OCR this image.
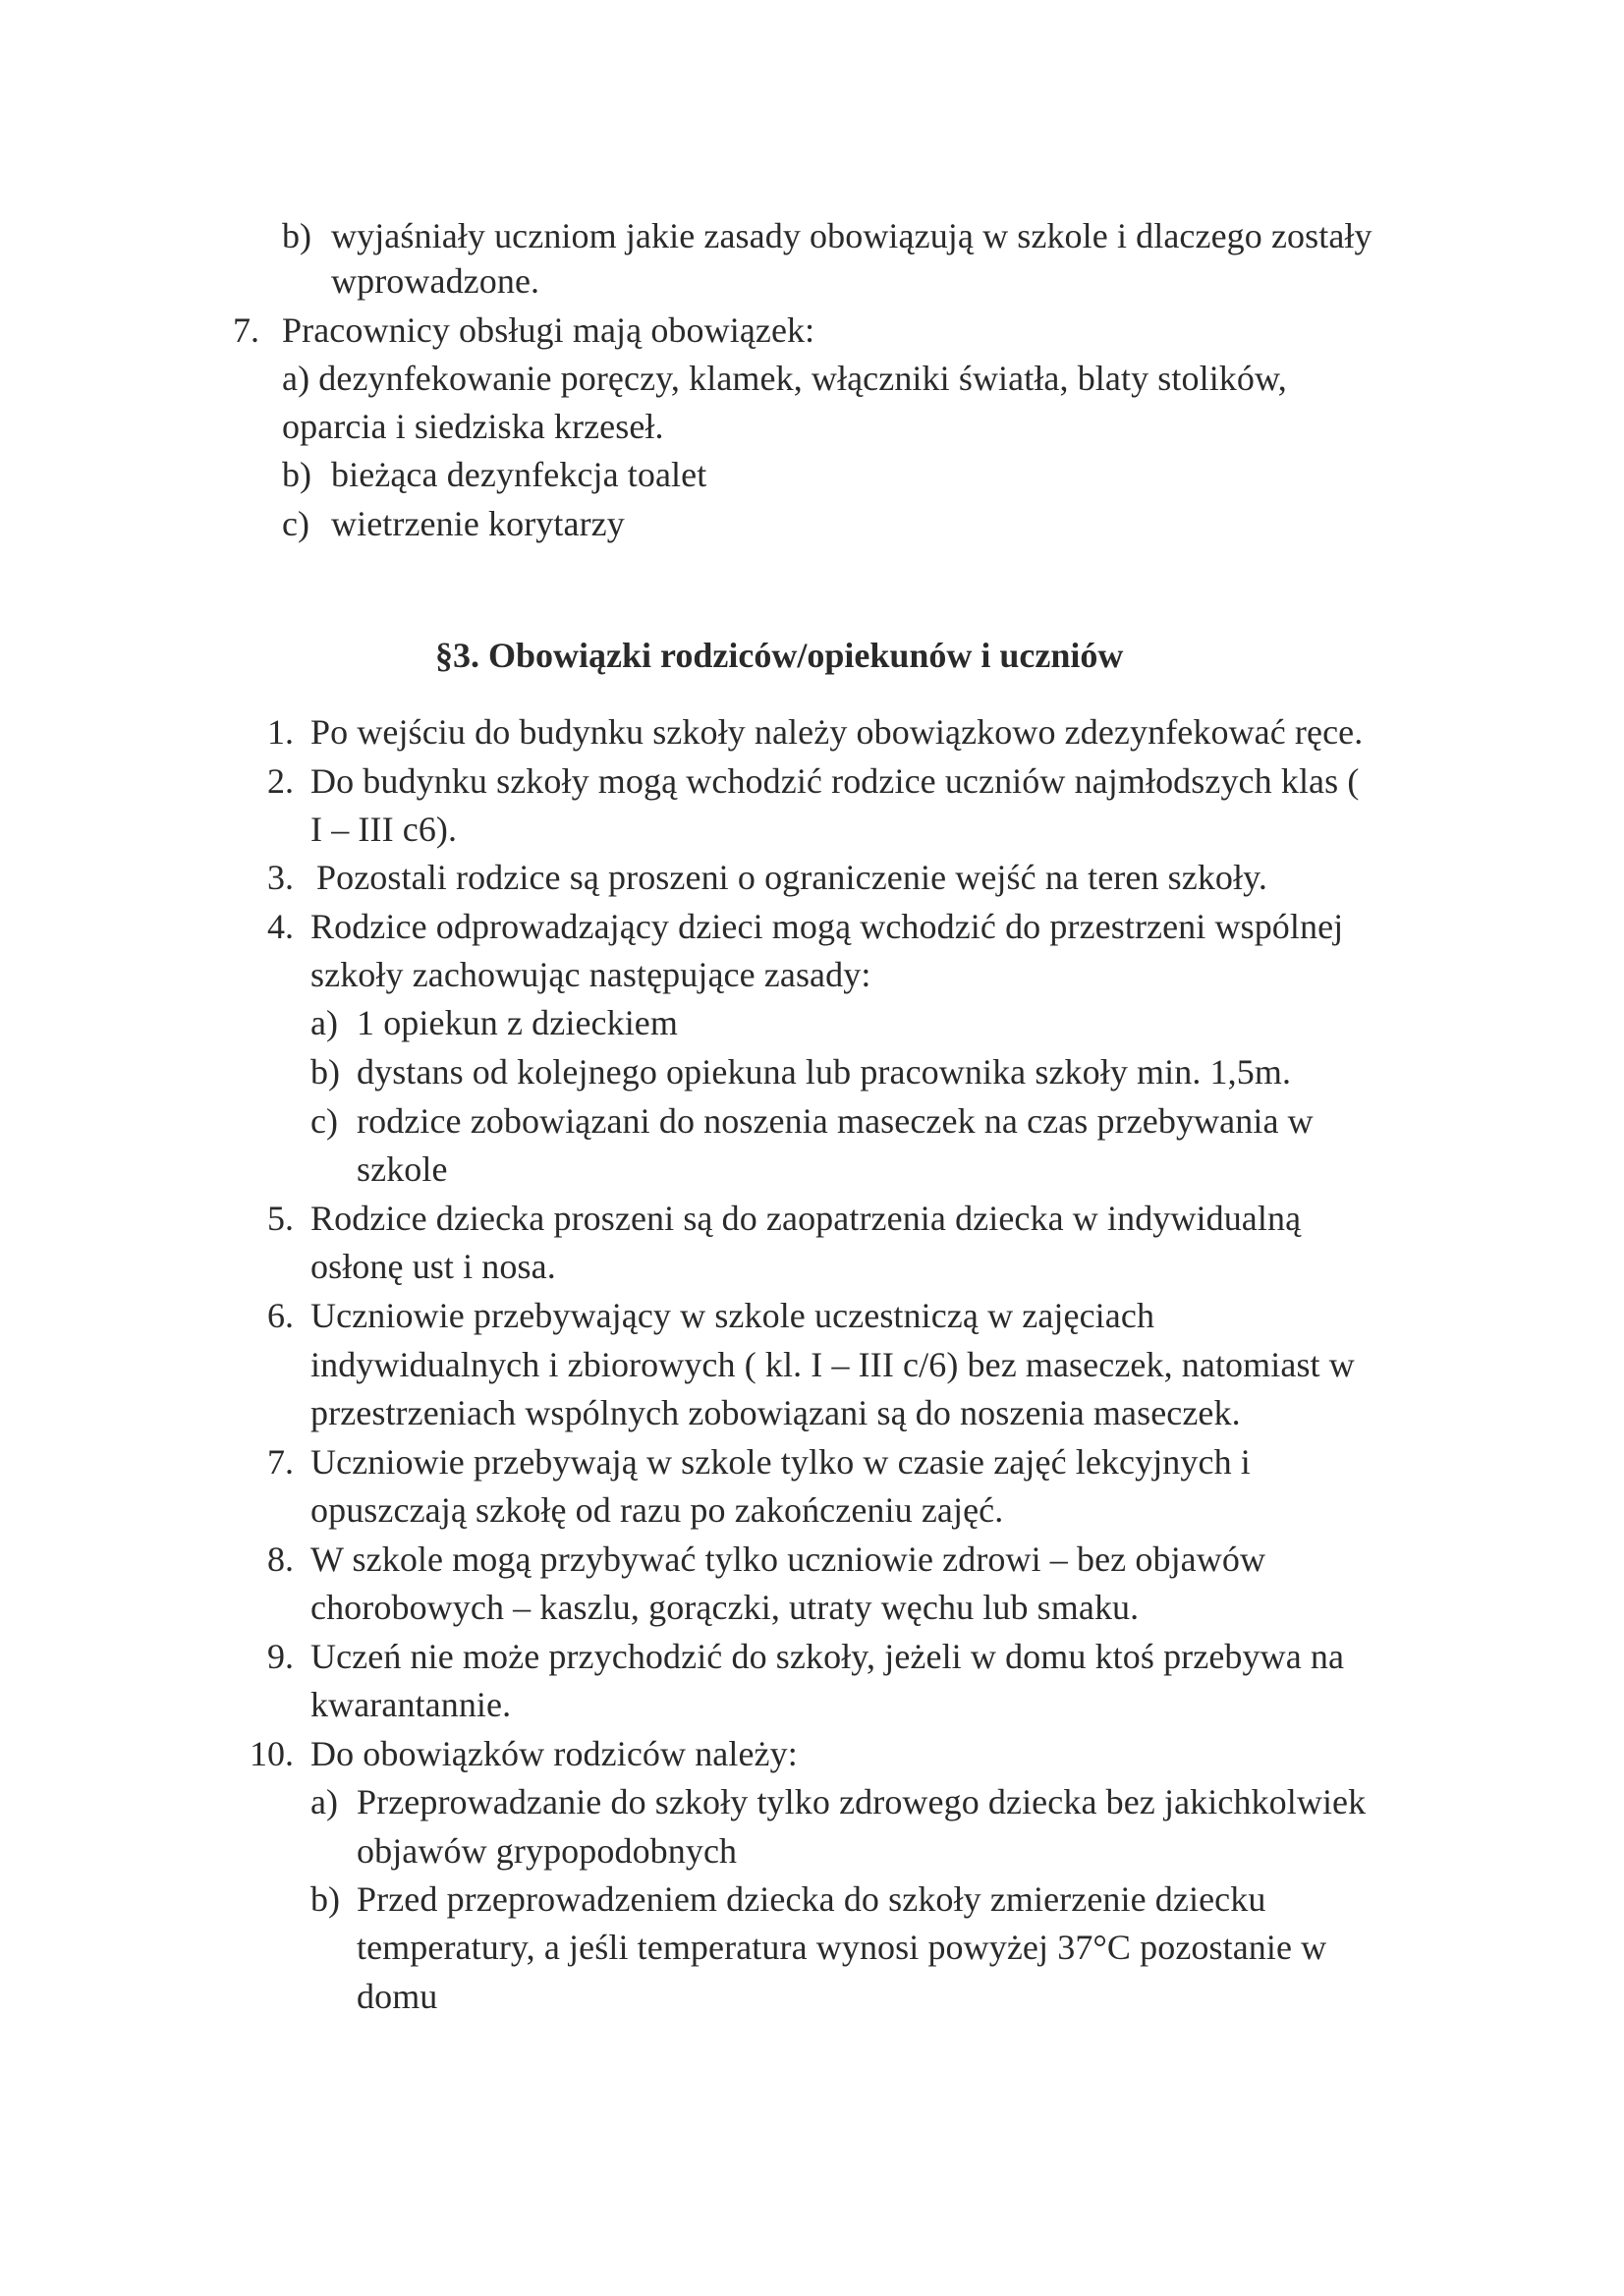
b) wyjaśniały uczniom jakie zasady obowiązują w szkole i dlaczego zostały
wprowadzone.
7. Pracownicy obsługi mają obowiązek:
a) dezynfekowanie poręczy, klamek, włączniki światła, blaty stolików,
oparcia i siedziska krzeseł.
b) bieżąca dezynfekcja toalet
c) wietrzenie korytarzy
§3. Obowiązki rodziców/opiekunów i uczniów
1. Po wejściu do budynku szkoły należy obowiązkowo zdezynfekować ręce.
2. Do budynku szkoły mogą wchodzić rodzice uczniów najmłodszych klas (
I – III c6).
3. Pozostali rodzice są proszeni o ograniczenie wejść na teren szkoły.
4. Rodzice odprowadzający dzieci mogą wchodzić do przestrzeni wspólnej
szkoły zachowując następujące zasady:
a) 1 opiekun z dzieckiem
b) dystans od kolejnego opiekuna lub pracownika szkoły min. 1,5m.
c) rodzice zobowiązani do noszenia maseczek na czas przebywania w
szkole
5. Rodzice dziecka proszeni są do zaopatrzenia dziecka w indywidualną
osłonę ust i nosa.
6. Uczniowie przebywający w szkole uczestniczą w zajęciach
indywidualnych i zbiorowych ( kl. I – III c/6) bez maseczek, natomiast w
przestrzeniach wspólnych zobowiązani są do noszenia maseczek.
7. Uczniowie przebywają w szkole tylko w czasie zajęć lekcyjnych i
opuszczają szkołę od razu po zakończeniu zajęć.
8. W szkole mogą przybywać tylko uczniowie zdrowi – bez objawów
chorobowych – kaszlu, gorączki, utraty węchu lub smaku.
9. Uczeń nie może przychodzić do szkoły, jeżeli w domu ktoś przebywa na
kwarantannie.
10. Do obowiązków rodziców należy:
a) Przeprowadzanie do szkoły tylko zdrowego dziecka bez jakichkolwiek
objawów grypopodobnych
b) Przed przeprowadzeniem dziecka do szkoły zmierzenie dziecku
temperatury, a jeśli temperatura wynosi powyżej 37°C pozostanie w
domu
